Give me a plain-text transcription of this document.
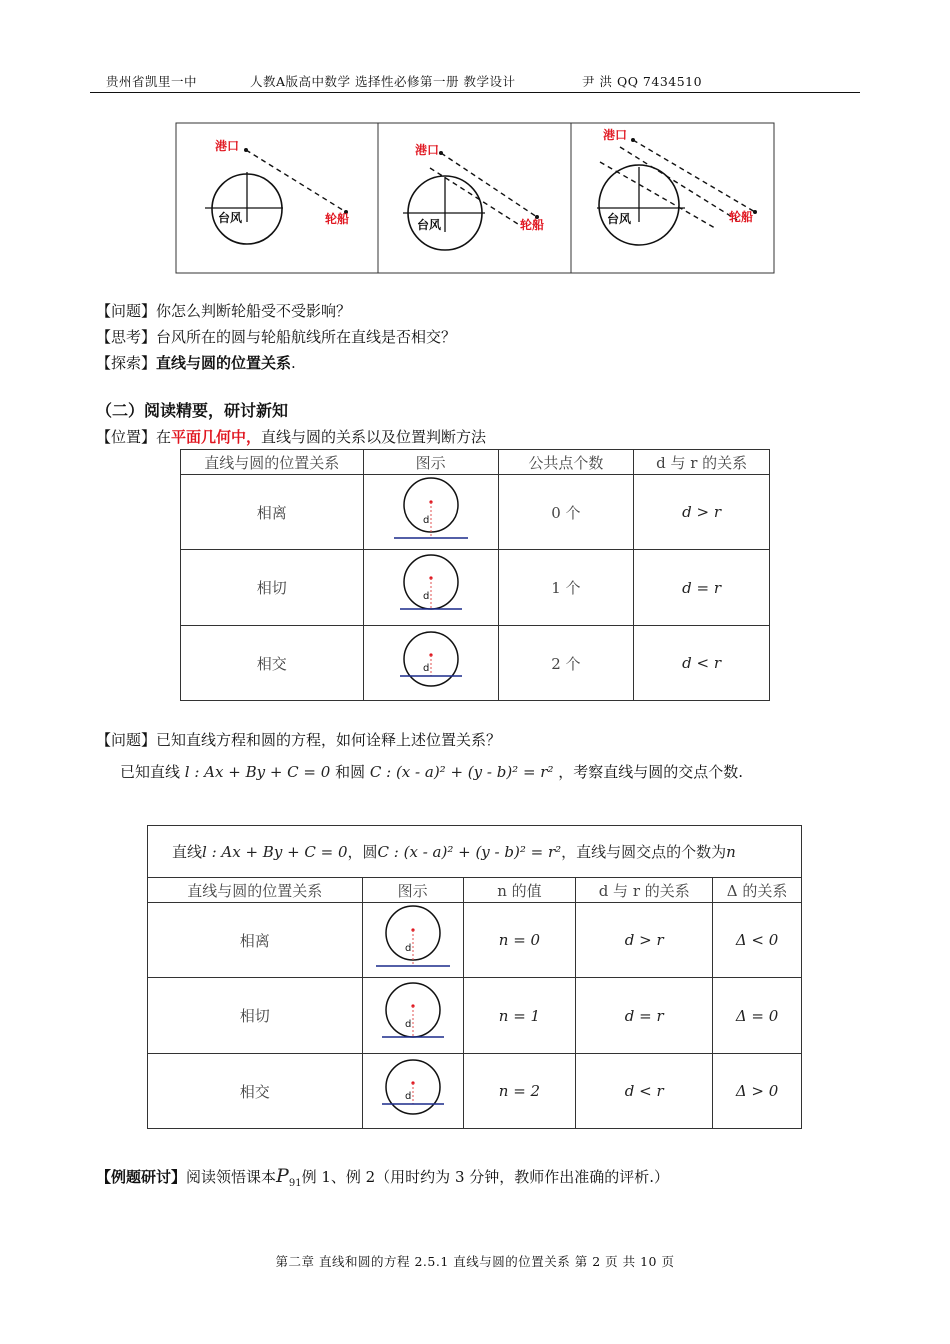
贵州省凯里一中	人教A版高中数学 选择性必修第一册 教学设计	尹 洪 QQ 7434510
港口
台风	轮船
港口
台风	轮船
港口
台风	轮船
【问题】你怎么判断轮船受不受影响？
【思考】台风所在的圆与轮船航线所在直线是否相交？
【探索】直线与圆的位置关系.
（二）阅读精要，研讨新知
【位置】在平面几何中，直线与圆的关系以及位置判断方法
直线与圆的位置关系	图示	公共点个数	d 与 r 的关系
相离	d	0 个	d > r
相切	d	1 个	d = r
相交	d	2 个	d < r
【问题】已知直线方程和圆的方程，如何诠释上述位置关系？
已知直线 l : Ax + By + C = 0 和圆 C : (x - a)² + (y - b)² = r² ，考察直线与圆的交点个数.
直线l : Ax + By + C = 0，圆C : (x - a)² + (y - b)² = r²，直线与圆交点的个数为n				
直线与圆的位置关系	图示	n 的值	d 与 r 的关系	Δ 的关系
相离	d	n = 0	d > r	Δ < 0
相切	d	n = 1	d = r	Δ = 0
相交	d	n = 2	d < r	Δ > 0
【例题研讨】阅读领悟课本$P_{91}$例 1、例 2（用时约为 3 分钟，教师作出准确的评析.）
第二章 直线和圆的方程 2.5.1 直线与圆的位置关系 第 2 页 共 10 页
